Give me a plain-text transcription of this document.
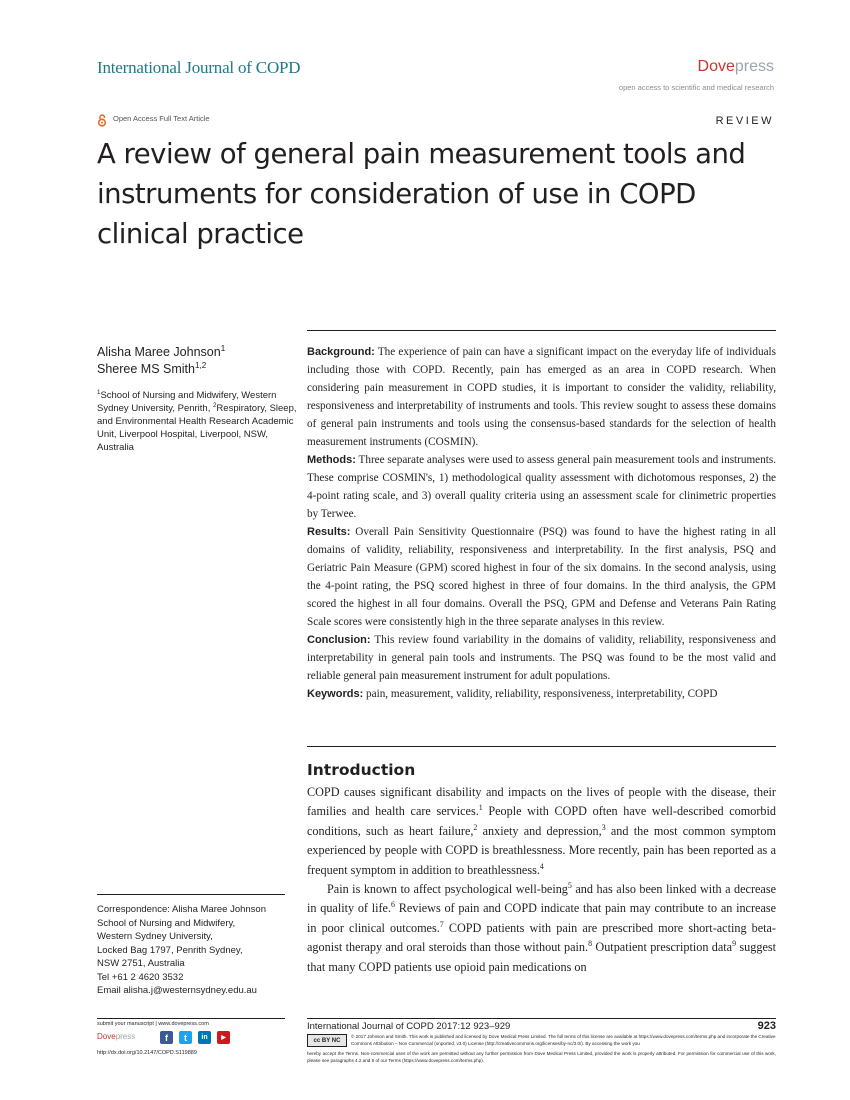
International Journal of COPD	Dovepress
open access to scientific and medical research
Open Access Full Text Article	REVIEW
A review of general pain measurement tools and instruments for consideration of use in COPD clinical practice
Alisha Maree Johnson$^1$
Sheree MS Smith$^{1,2}$
$^1$School of Nursing and Midwifery, Western Sydney University, Penrith, $^2$Respiratory, Sleep, and Environmental Health Research Academic Unit, Liverpool Hospital, Liverpool, NSW, Australia
Correspondence: Alisha Maree Johnson
School of Nursing and Midwifery,
Western Sydney University,
Locked Bag 1797, Penrith Sydney,
NSW 2751, Australia
Tel +61 2 4620 3532
Email alisha.j@westernsydney.edu.au

Background: The experience of pain can have a significant impact on the everyday life of individuals including those with COPD. Recently, pain has emerged as an area in COPD research. When considering pain measurement in COPD studies, it is important to consider the validity, reliability, responsiveness and interpretability of instruments and tools. This review sought to assess these domains of general pain instruments and tools using the consensus-based standards for the selection of health measurement instruments (COSMIN).

Methods: Three separate analyses were used to assess general pain measurement tools and instruments. These comprise COSMIN's, 1) methodological quality assessment with dichotomous responses, 2) the 4-point rating scale, and 3) overall quality criteria using an assessment scale for clinimetric properties by Terwee.

Results: Overall Pain Sensitivity Questionnaire (PSQ) was found to have the highest rating in all domains of validity, reliability, responsiveness and interpretability. In the first analysis, PSQ and Geriatric Pain Measure (GPM) scored highest in four of the six domains. In the second analysis, using the 4-point rating, the PSQ scored highest in three of four domains. In the third analysis, the GPM scored the highest in all four domains. Overall the PSQ, GPM and Defense and Veterans Pain Rating Scale scores were consistently high in the three separate analyses in this review.

Conclusion: This review found variability in the domains of validity, reliability, responsiveness and interpretability in general pain tools and instruments. The PSQ was found to be the most valid and reliable general pain measurement instrument for adult populations.

Keywords: pain, measurement, validity, reliability, responsiveness, interpretability, COPD

Introduction

COPD causes significant disability and impacts on the lives of people with the disease, their families and health care services.$^1$ People with COPD often have well-described comorbid conditions, such as heart failure,$^2$ anxiety and depression,$^3$ and the most common symptom experienced by people with COPD is breathlessness. More recently, pain has been reported as a frequent symptom in addition to breathlessness.$^4$

Pain is known to affect psychological well-being$^5$ and has also been linked with a decrease in quality of life.$^6$ Reviews of pain and COPD indicate that pain may contribute to an increase in poor clinical outcomes.$^7$ COPD patients with pain are prescribed more short-acting beta-agonist therapy and oral steroids than those without pain.$^8$ Outpatient prescription data$^9$ suggest that many COPD patients use opioid pain medications on

submit your manuscript | www.dovepress.com
Dovepress	f	t	in	▶
http://dx.doi.org/10.2147/COPD.S119889
International Journal of COPD 2017:12 923–929	923
cc BY NC
© 2017 Johnson and Smith. This work is published and licensed by Dove Medical Press Limited. The full terms of this license are available at https://www.dovepress.com/terms.php and incorporate the Creative Commons Attribution – Non Commercial (unported, v3.0) License (http://creativecommons.org/licenses/by-nc/3.0/). By accessing the work you
hereby accept the Terms. Non-commercial uses of the work are permitted without any further permission from Dove Medical Press Limited, provided the work is properly attributed. For permission for commercial use of this work, please see paragraphs 4.2 and 5 of our Terms (https://www.dovepress.com/terms.php).
